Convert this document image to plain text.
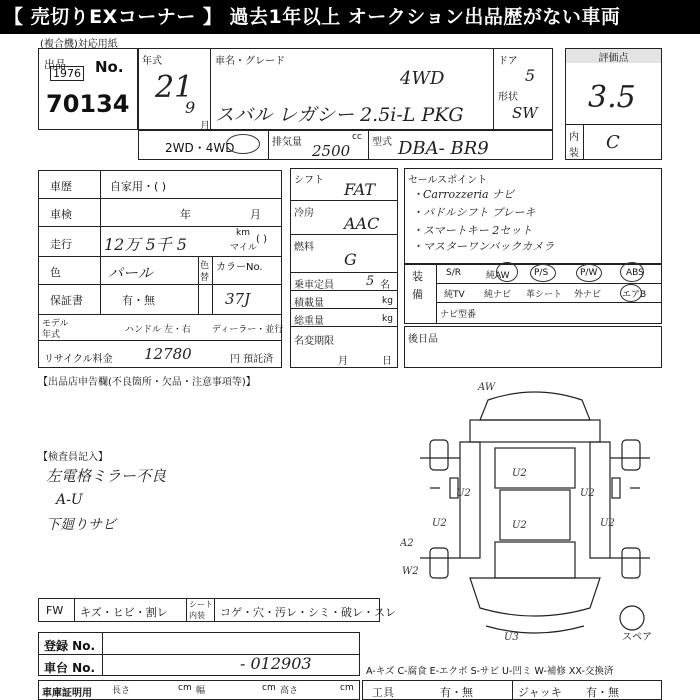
【 売切りEXコーナー 】 過去1年以上 オークション出品歴がない車両
(複合機)対応用紙
出品
1976 No.
70134
年式
21
9
月
車名・グレード
4WD
スバル レガシー 2.5i-L PKG
ドア
5
形状
SW
評価点
3.5
内
装
C
2WD・4WD	排気量	cc
2500 型式 DBA- BR9
車歴	自家用・( )
車検	年	月
走行 12万 5千 5
km
マイル
( )
色	パール	色
替
カラーNo.
37J
保証書	有・無
モデル
年式	ハンドル 左・右 ディーラー・並行
リサイクル料金 12780	円 預託済
シフト FAT
冷房
AAC
燃料
G
乗車定員 5 名
積載量	kg
総重量	kg
名変期限
月	日
セールスポイント
・Carrozzeria ナビ
・パドルシフト ブレーキ
・スマートキー 2セット
・マスターワンバックカメラ
装
備
S/R	純AW	P/S	P/W	ABS
純TV 純ナビ 革シート 外ナビ エアB
ナビ型番
後日品
【出品店申告欄(不良箇所・欠品・注意事項等)】
【検査員記入】
左電格ミラー不良
A-U
下廻りサビ
AW
U2
U2
U2
A2
U2	U2	U2
W2
U3	スペア
FW キズ・ヒビ・割レ
シート
内装 コゲ・穴・汚レ・シミ・破レ・スレ
登録 No.
車台 No.	- 012903	A-キズ C-腐食 E-エクボ S-サビ U-凹ミ W-補修 XX-交換済
車庫証明用 長さ	cm 幅	cm 高さ	cm 工具	有・無	ジャッキ 有・無
